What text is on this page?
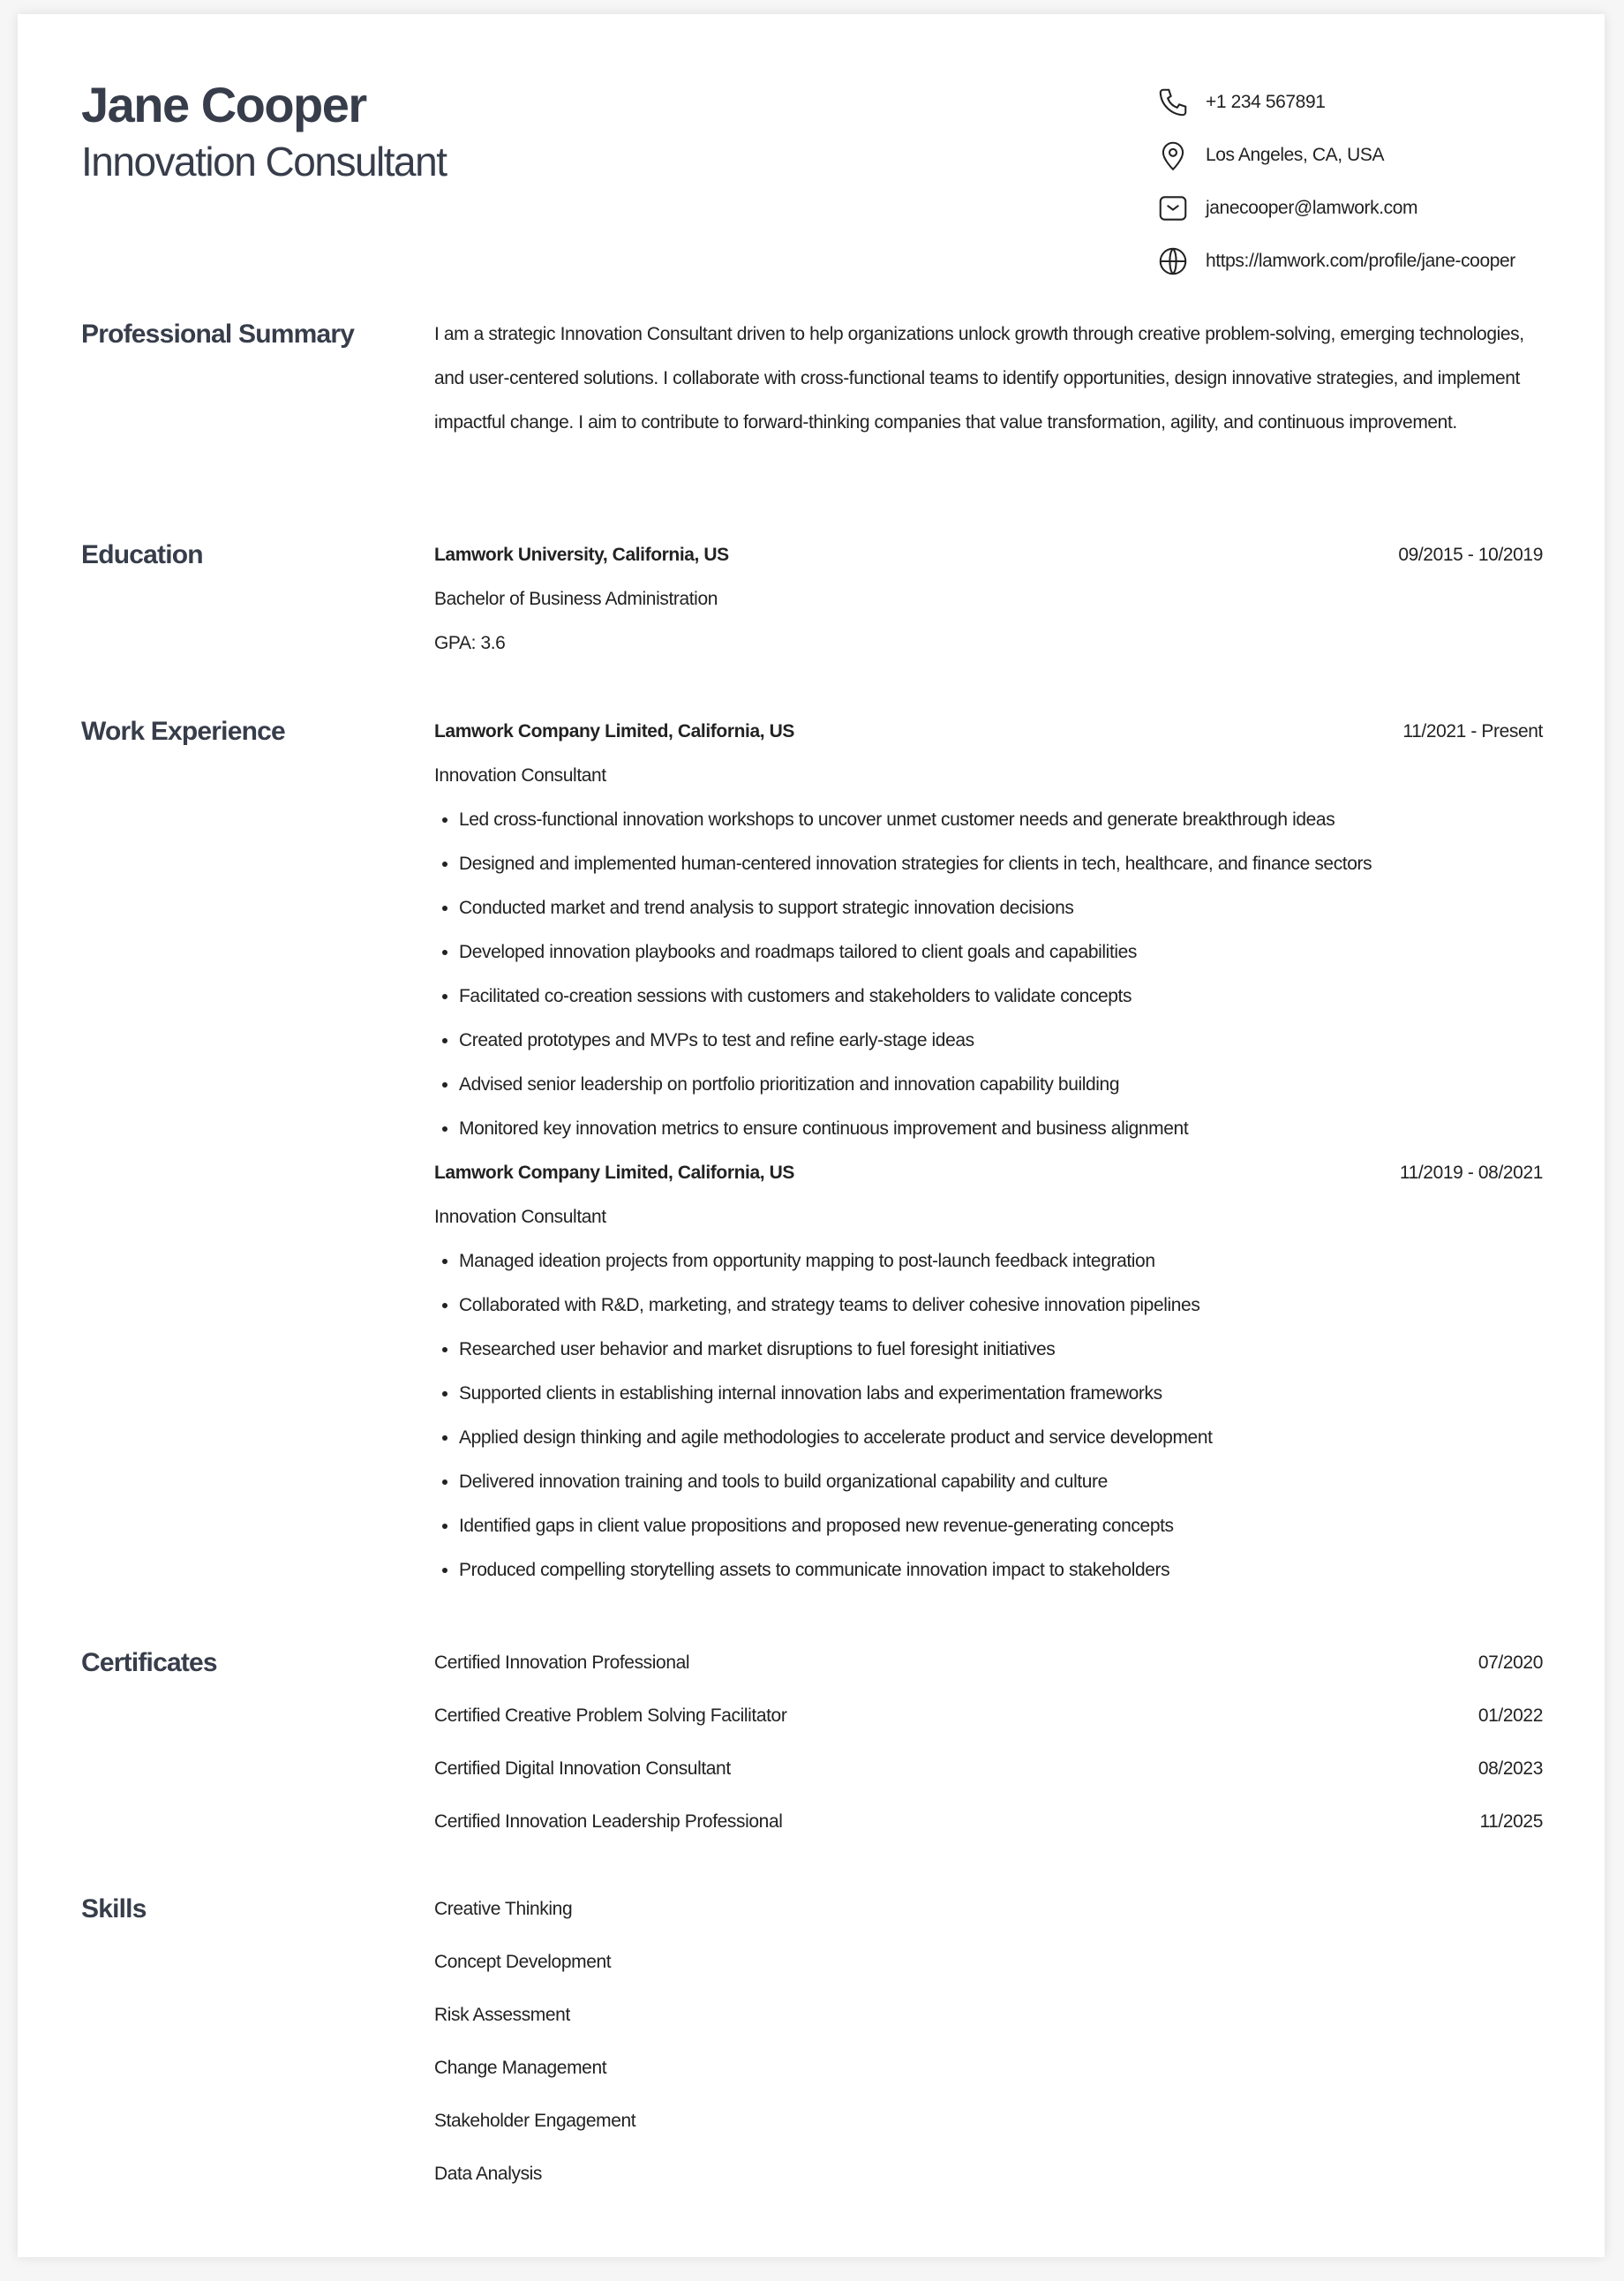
Jane Cooper
Innovation Consultant
+1 234 567891
Los Angeles, CA, USA
janecooper@lamwork.com
https://lamwork.com/profile/jane-cooper
Professional Summary	I am a strategic Innovation Consultant driven to help organizations unlock growth through creative problem-solving, emerging technologies, and user-centered solutions. I collaborate with cross-functional teams to identify opportunities, design innovative strategies, and implement impactful change. I aim to contribute to forward-thinking companies that value transformation, agility, and continuous improvement.
Education	Lamwork University, California, US	09/2015 - 10/2019
Bachelor of Business Administration
GPA: 3.6
Work Experience	Lamwork Company Limited, California, US	11/2021 - Present
Innovation Consultant
• Led cross-functional innovation workshops to uncover unmet customer needs and generate breakthrough ideas
• Designed and implemented human-centered innovation strategies for clients in tech, healthcare, and finance sectors
• Conducted market and trend analysis to support strategic innovation decisions
• Developed innovation playbooks and roadmaps tailored to client goals and capabilities
• Facilitated co-creation sessions with customers and stakeholders to validate concepts
• Created prototypes and MVPs to test and refine early-stage ideas
• Advised senior leadership on portfolio prioritization and innovation capability building
• Monitored key innovation metrics to ensure continuous improvement and business alignment
Lamwork Company Limited, California, US	11/2019 - 08/2021
Innovation Consultant
• Managed ideation projects from opportunity mapping to post-launch feedback integration
• Collaborated with R&D, marketing, and strategy teams to deliver cohesive innovation pipelines
• Researched user behavior and market disruptions to fuel foresight initiatives
• Supported clients in establishing internal innovation labs and experimentation frameworks
• Applied design thinking and agile methodologies to accelerate product and service development
• Delivered innovation training and tools to build organizational capability and culture
• Identified gaps in client value propositions and proposed new revenue-generating concepts
• Produced compelling storytelling assets to communicate innovation impact to stakeholders
Certificates	Certified Innovation Professional	07/2020
Certified Creative Problem Solving Facilitator	01/2022
Certified Digital Innovation Consultant	08/2023
Certified Innovation Leadership Professional	11/2025
Skills	Creative Thinking
Concept Development
Risk Assessment
Change Management
Stakeholder Engagement
Data Analysis
